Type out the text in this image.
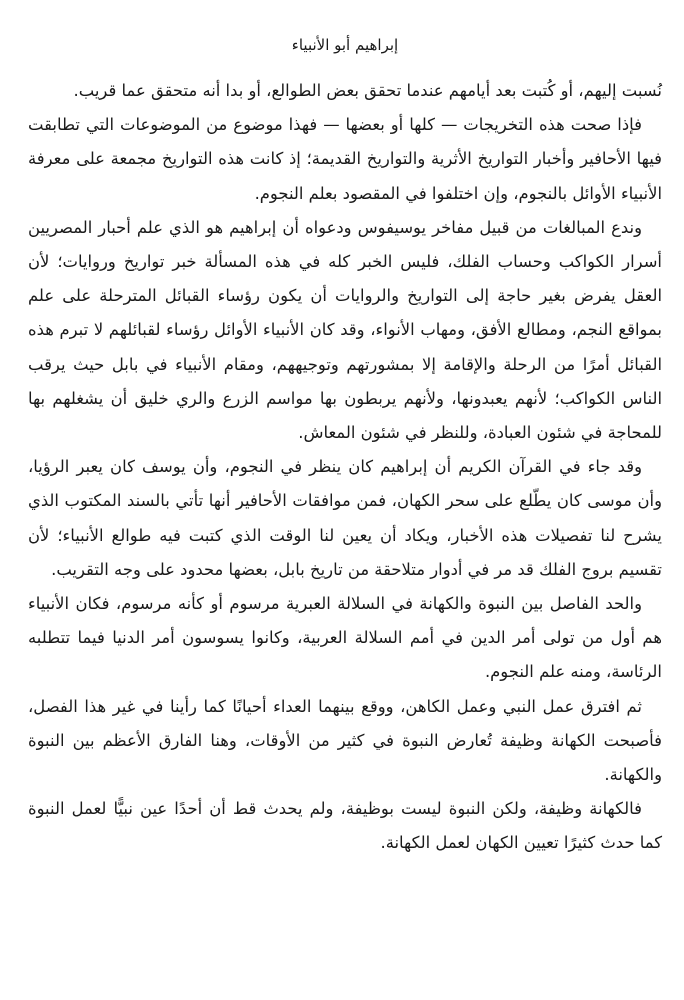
إبراهيم أبو الأنبياء

نُسبت إليهم، أو كُتبت بعد أيامهم عندما تحقق بعض الطوالع، أو بدا أنه متحقق عما قريب.

فإذا صحت هذه التخريجات — كلها أو بعضها — فهذا موضوع من الموضوعات التي تطابقت فيها الأحافير وأخبار التواريخ الأثرية والتواريخ القديمة؛ إذ كانت هذه التواريخ مجمعة على معرفة الأنبياء الأوائل بالنجوم، وإن اختلفوا في المقصود بعلم النجوم.

وندع المبالغات من قبيل مفاخر يوسيفوس ودعواه أن إبراهيم هو الذي علم أحبار المصريين أسرار الكواكب وحساب الفلك، فليس الخبر كله في هذه المسألة خبر تواريخ وروايات؛ لأن العقل يفرض بغير حاجة إلى التواريخ والروايات أن يكون رؤساء القبائل المترحلة على علم بمواقع النجم، ومطالع الأفق، ومهاب الأنواء، وقد كان الأنبياء الأوائل رؤساء لقبائلهم لا تبرم هذه القبائل أمرًا من الرحلة والإقامة إلا بمشورتهم وتوجيههم، ومقام الأنبياء في بابل حيث يرقب الناس الكواكب؛ لأنهم يعبدونها، ولأنهم يربطون بها مواسم الزرع والري خليق أن يشغلهم بها للمحاجة في شئون العبادة، وللنظر في شئون المعاش.

وقد جاء في القرآن الكريم أن إبراهيم كان ينظر في النجوم، وأن يوسف كان يعبر الرؤيا، وأن موسى كان يطّلع على سحر الكهان، فمن موافقات الأحافير أنها تأتي بالسند المكتوب الذي يشرح لنا تفصيلات هذه الأخبار، ويكاد أن يعين لنا الوقت الذي كتبت فيه طوالع الأنبياء؛ لأن تقسيم بروج الفلك قد مر في أدوار متلاحقة من تاريخ بابل، بعضها محدود على وجه التقريب.

والحد الفاصل بين النبوة والكهانة في السلالة العبرية مرسوم أو كأنه مرسوم، فكان الأنبياء هم أول من تولى أمر الدين في أمم السلالة العربية، وكانوا يسوسون أمر الدنيا فيما تتطلبه الرئاسة، ومنه علم النجوم.

ثم افترق عمل النبي وعمل الكاهن، ووقع بينهما العداء أحيانًا كما رأينا في غير هذا الفصل، فأصبحت الكهانة وظيفة تُعارض النبوة في كثير من الأوقات، وهنا الفارق الأعظم بين النبوة والكهانة.

فالكهانة وظيفة، ولكن النبوة ليست بوظيفة، ولم يحدث قط أن أحدًا عين نبيًّا لعمل النبوة كما حدث كثيرًا تعيين الكهان لعمل الكهانة.
